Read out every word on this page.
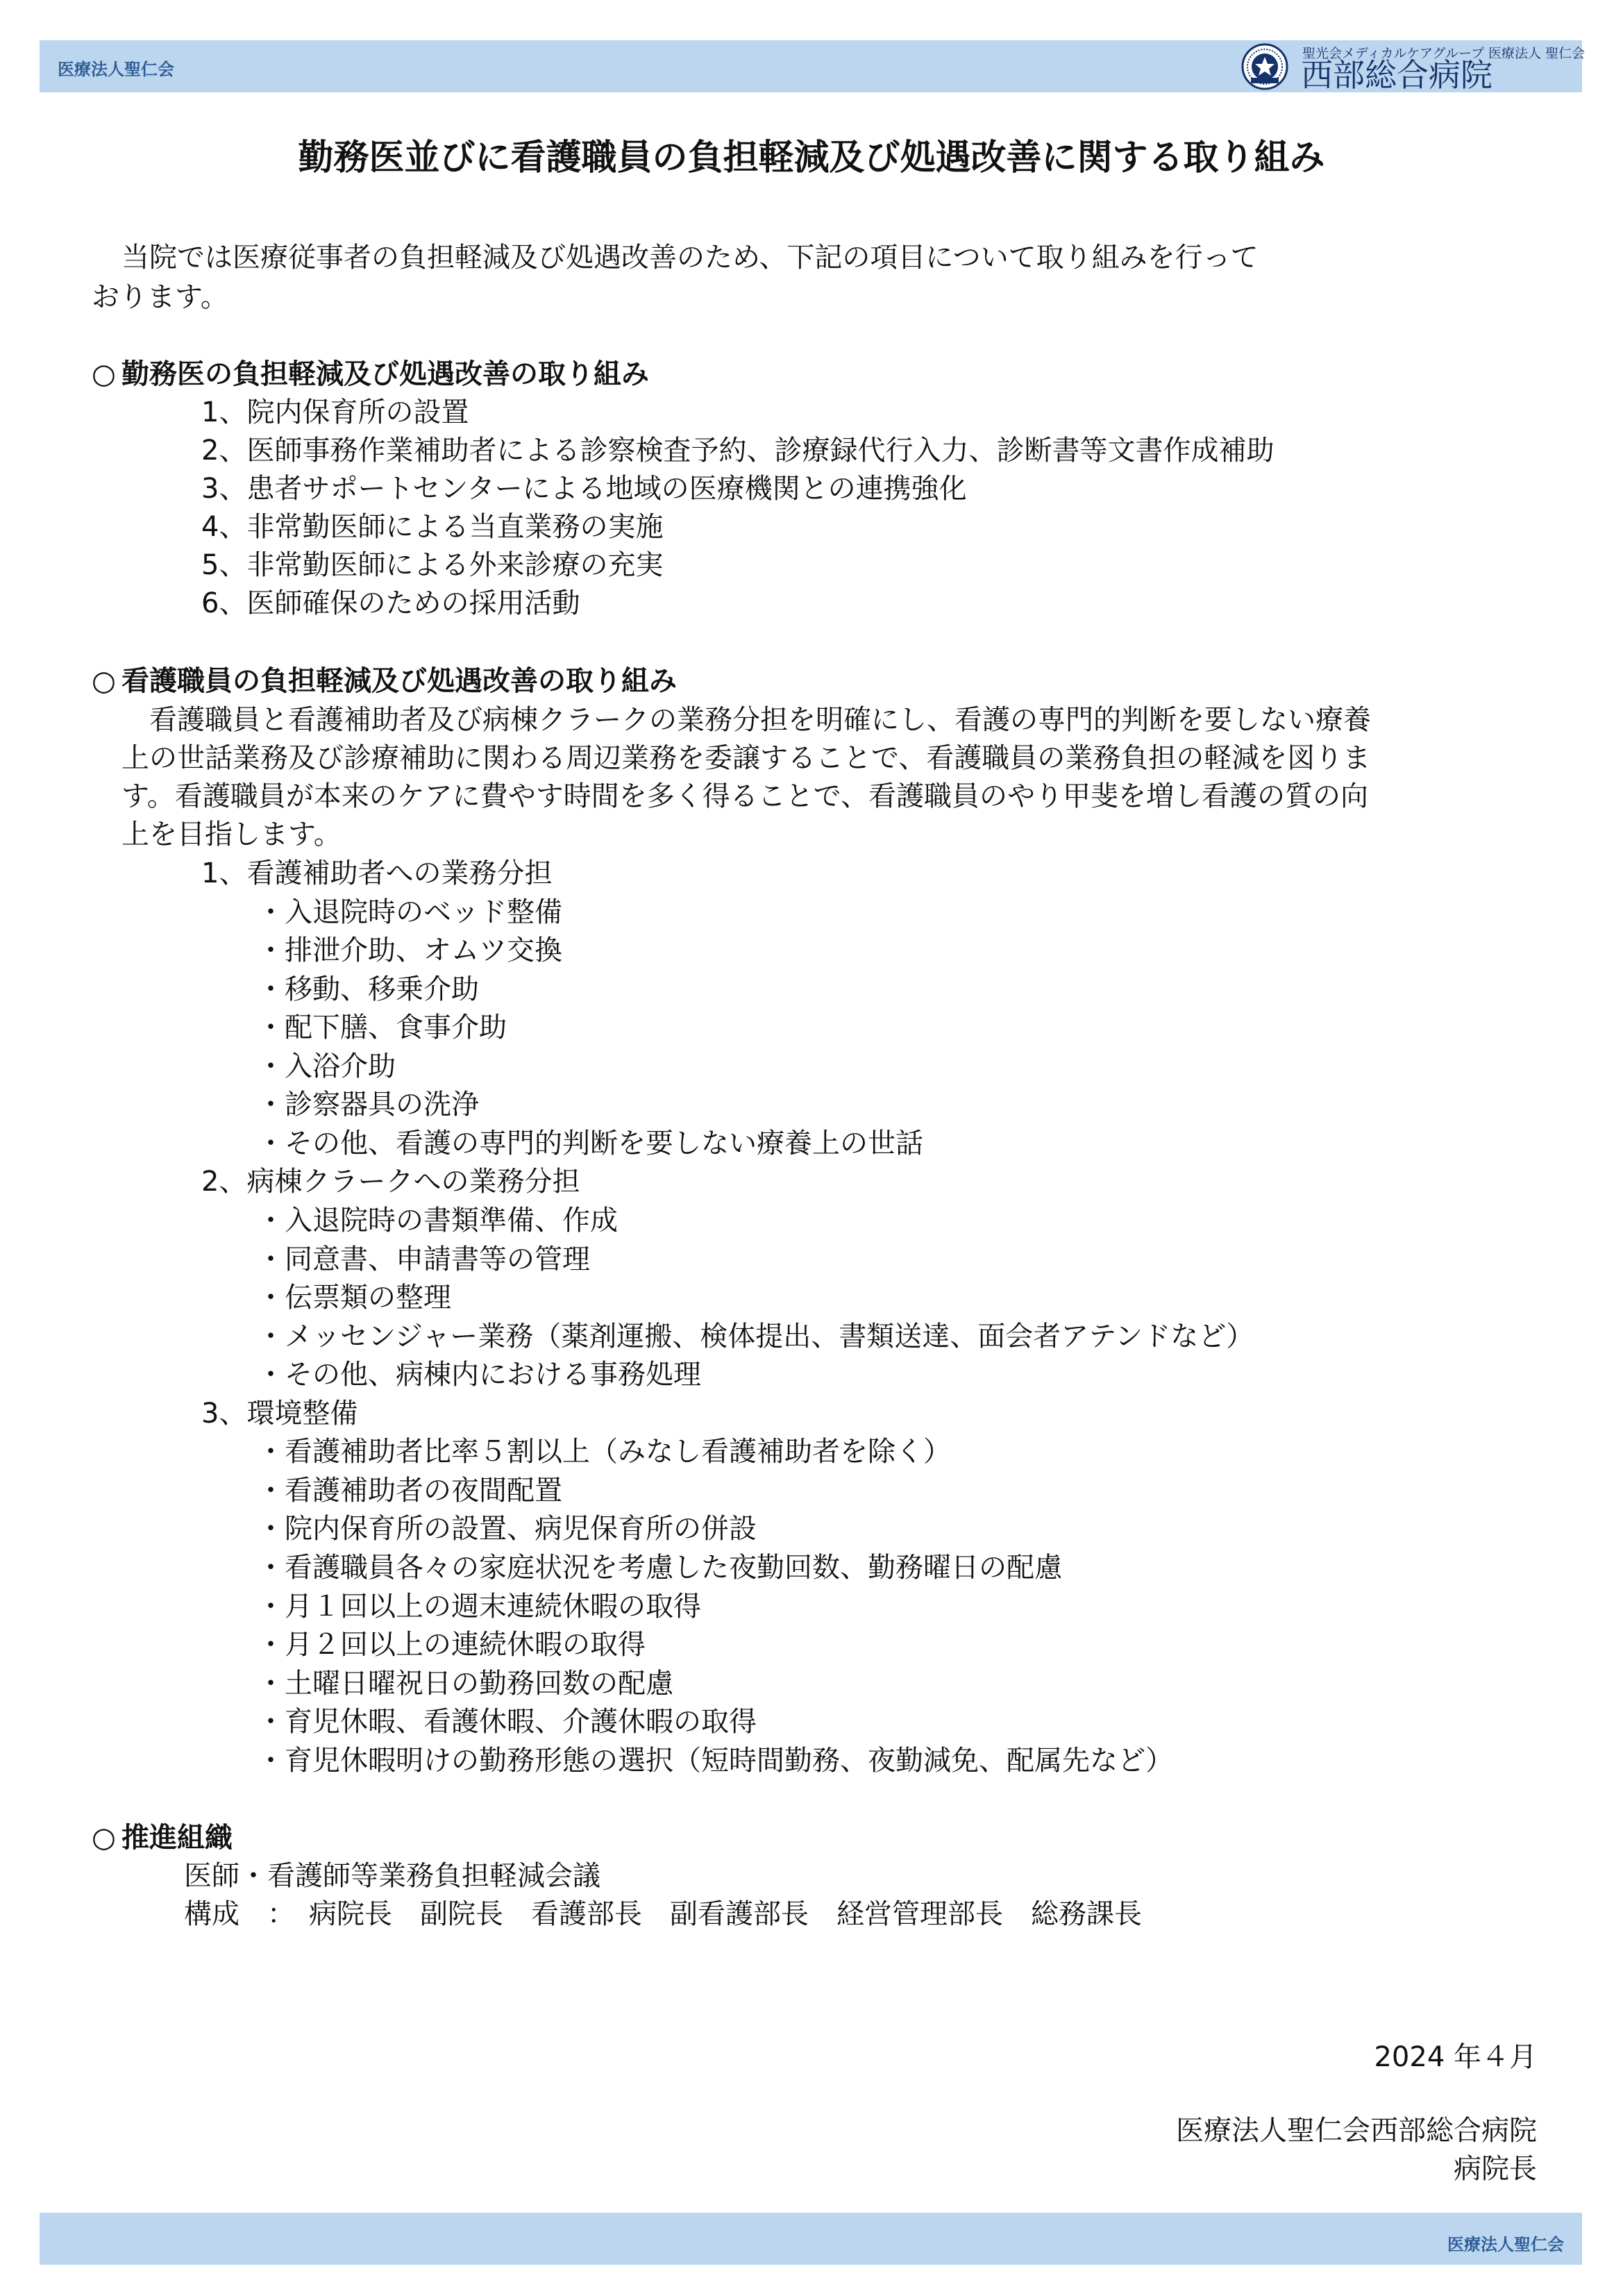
医療法人聖仁会
聖光会メディカルケアグループ 医療法人 聖仁会
西部総合病院
勤務医並びに看護職員の負担軽減及び処遇改善に関する取り組み

当院では医療従事者の負担軽減及び処遇改善のため、下記の項目について取り組みを行って

おります。

○ 勤務医の負担軽減及び処遇改善の取り組み

1、院内保育所の設置

2、医師事務作業補助者による診察検査予約、診療録代行入力、診断書等文書作成補助

3、患者サポートセンターによる地域の医療機関との連携強化

4、非常勤医師による当直業務の実施

5、非常勤医師による外来診療の充実

6、医師確保のための採用活動

○ 看護職員の負担軽減及び処遇改善の取り組み

看護職員と看護補助者及び病棟クラークの業務分担を明確にし、看護の専門的判断を要しない療養

上の世話業務及び診療補助に関わる周辺業務を委譲することで、看護職員の業務負担の軽減を図りま

す。看護職員が本来のケアに費やす時間を多く得ることで、看護職員のやり甲斐を増し看護の質の向

上を目指します。

1、看護補助者への業務分担

・入退院時のベッド整備

・排泄介助、オムツ交換

・移動、移乗介助

・配下膳、食事介助

・入浴介助

・診察器具の洗浄

・その他、看護の専門的判断を要しない療養上の世話

2、病棟クラークへの業務分担

・入退院時の書類準備、作成

・同意書、申請書等の管理

・伝票類の整理

・メッセンジャー業務（薬剤運搬、検体提出、書類送達、面会者アテンドなど）

・その他、病棟内における事務処理

3、環境整備

・看護補助者比率５割以上（みなし看護補助者を除く）

・看護補助者の夜間配置

・院内保育所の設置、病児保育所の併設

・看護職員各々の家庭状況を考慮した夜勤回数、勤務曜日の配慮

・月１回以上の週末連続休暇の取得

・月２回以上の連続休暇の取得

・土曜日曜祝日の勤務回数の配慮

・育児休暇、看護休暇、介護休暇の取得

・育児休暇明けの勤務形態の選択（短時間勤務、夜勤減免、配属先など）

○ 推進組織

医師・看護師等業務負担軽減会議

構成　：　病院長　副院長　看護部長　副看護部長　経営管理部長　総務課長

2024 年４月

医療法人聖仁会西部総合病院

病院長

医療法人聖仁会
